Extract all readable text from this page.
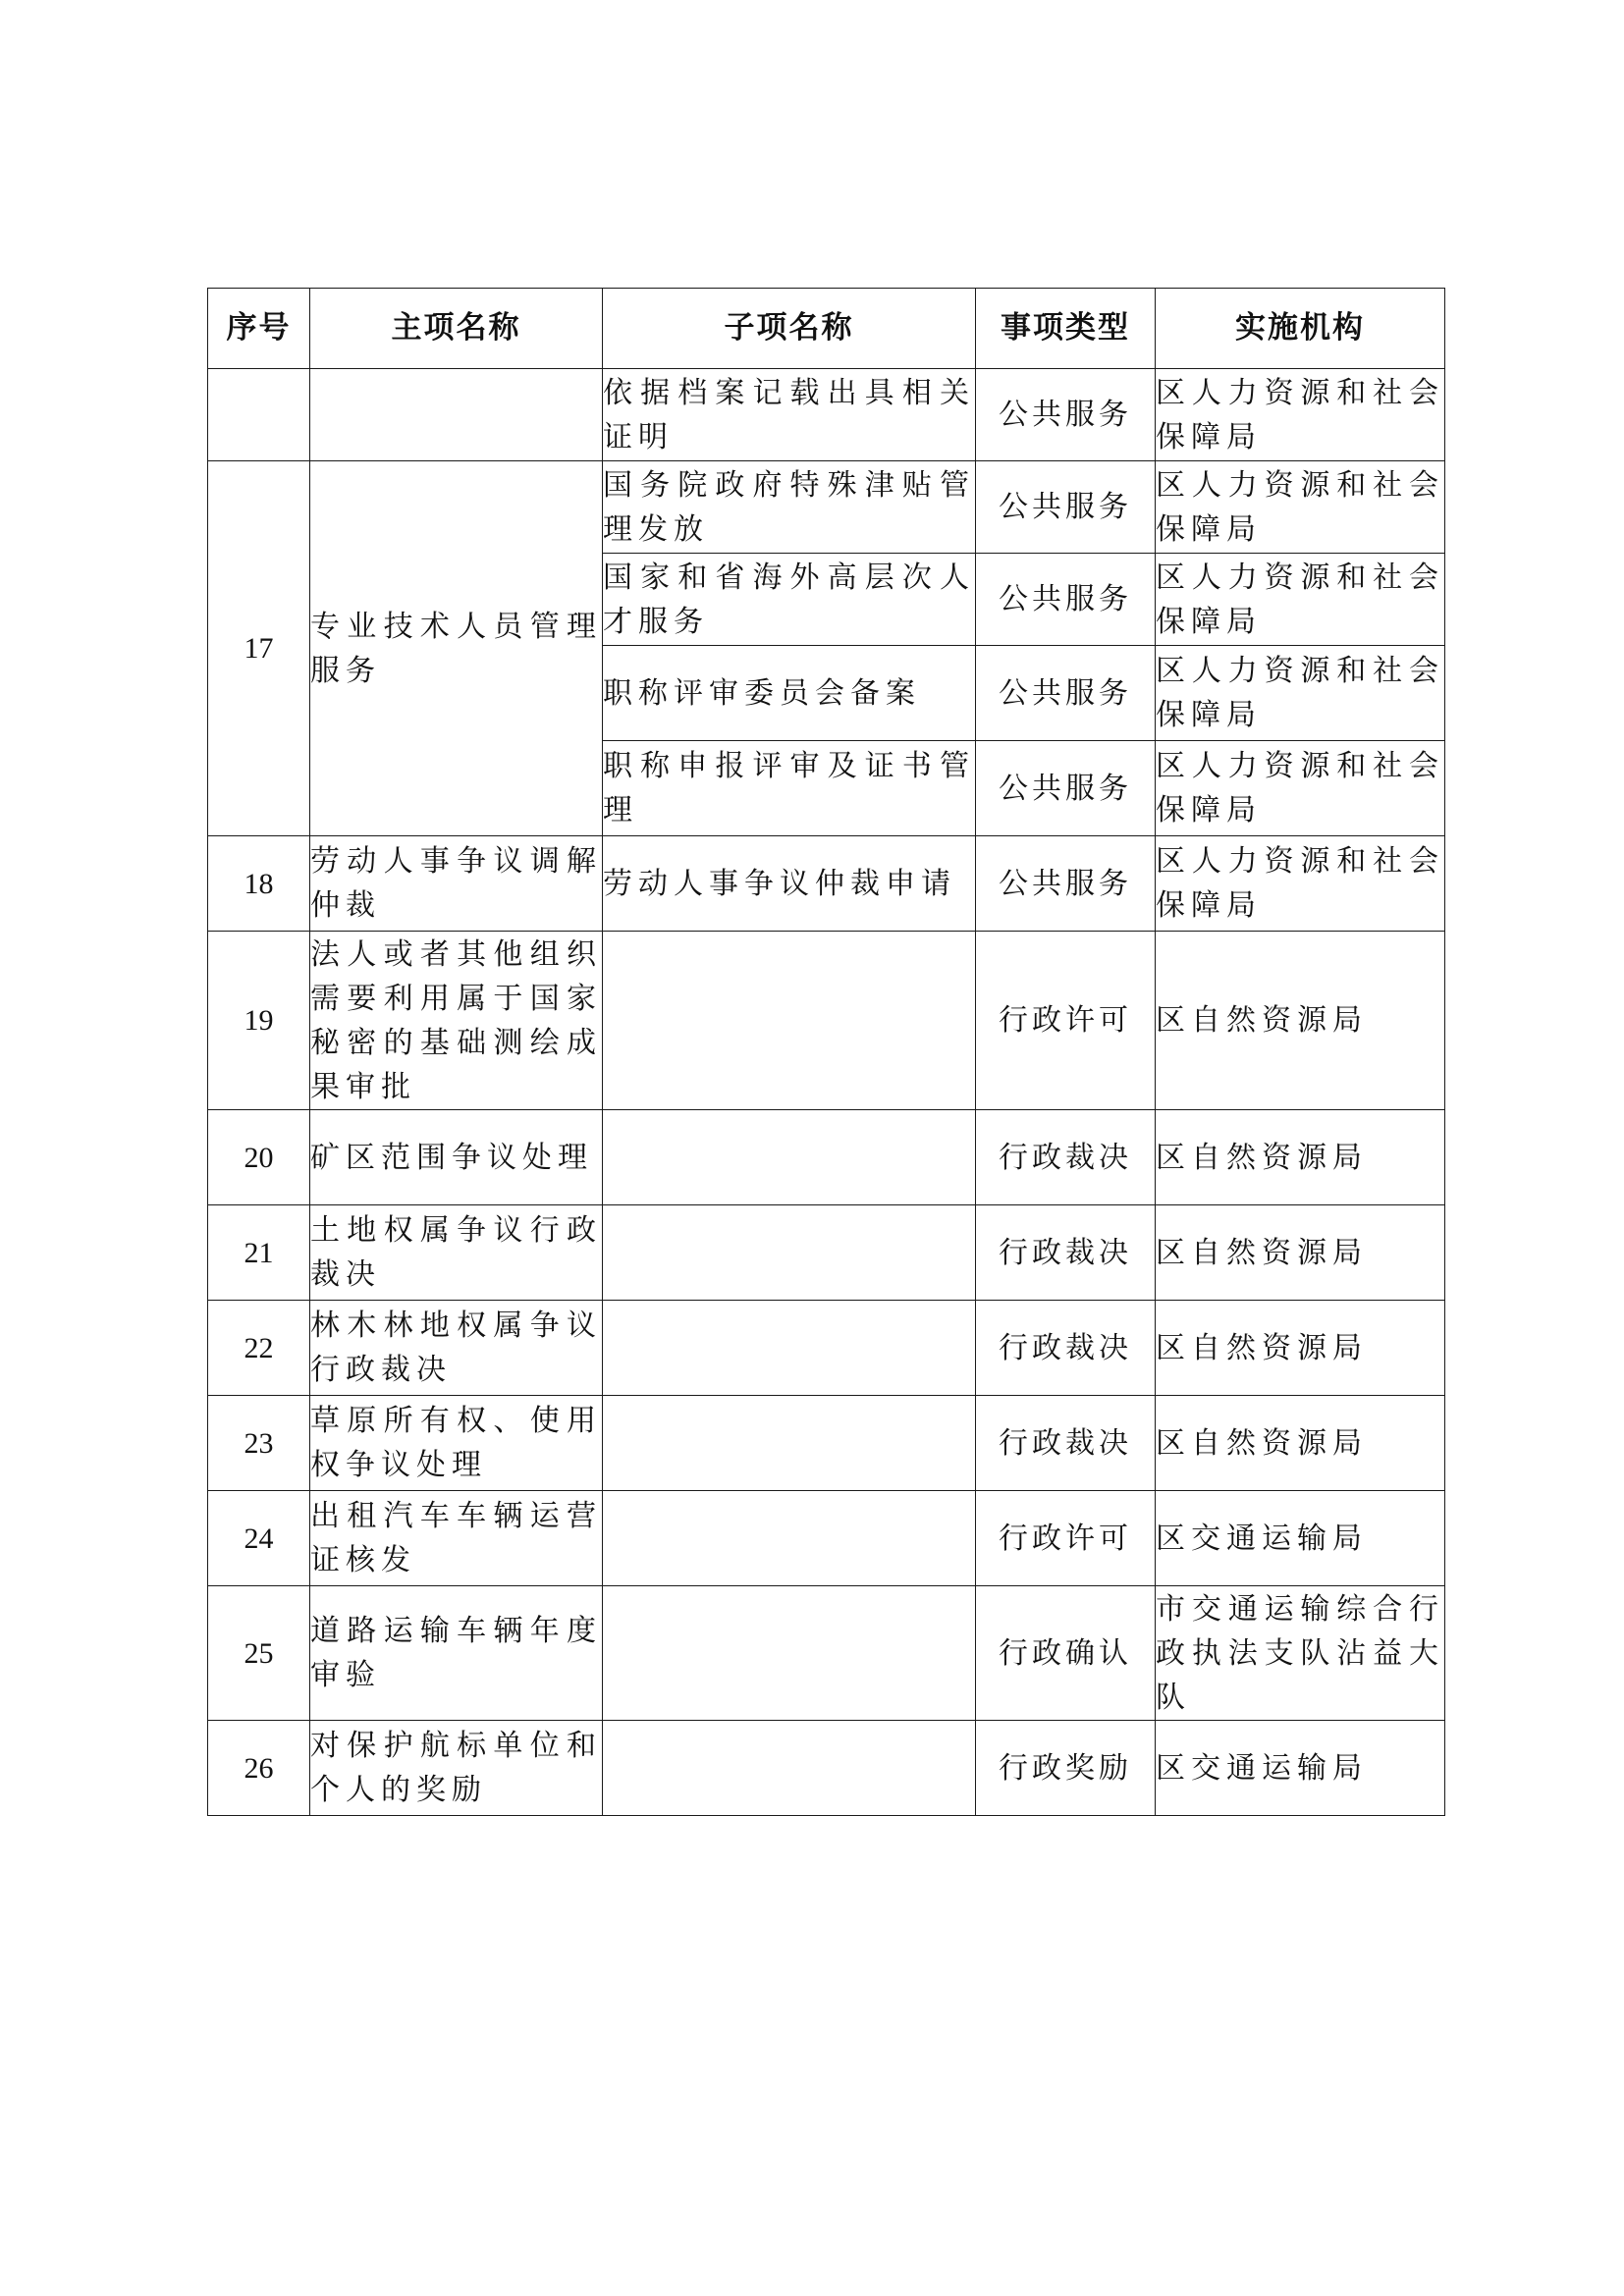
序号	主项名称	子项名称	事项类型	实施机构
		依据档案记载出具相关证明	公共服务	区人力资源和社会保障局
17	专业技术人员管理服务	国务院政府特殊津贴管理发放	公共服务	区人力资源和社会保障局
		国家和省海外高层次人才服务	公共服务	区人力资源和社会保障局
		职称评审委员会备案	公共服务	区人力资源和社会保障局
		职称申报评审及证书管理	公共服务	区人力资源和社会保障局
18	劳动人事争议调解仲裁	劳动人事争议仲裁申请	公共服务	区人力资源和社会保障局
19	法人或者其他组织需要利用属于国家秘密的基础测绘成果审批		行政许可	区自然资源局
20	矿区范围争议处理		行政裁决	区自然资源局
21	土地权属争议行政裁决		行政裁决	区自然资源局
22	林木林地权属争议行政裁决		行政裁决	区自然资源局
23	草原所有权、使用权争议处理		行政裁决	区自然资源局
24	出租汽车车辆运营证核发		行政许可	区交通运输局
25	道路运输车辆年度审验		行政确认	市交通运输综合行政执法支队沾益大队
26	对保护航标单位和个人的奖励		行政奖励	区交通运输局
